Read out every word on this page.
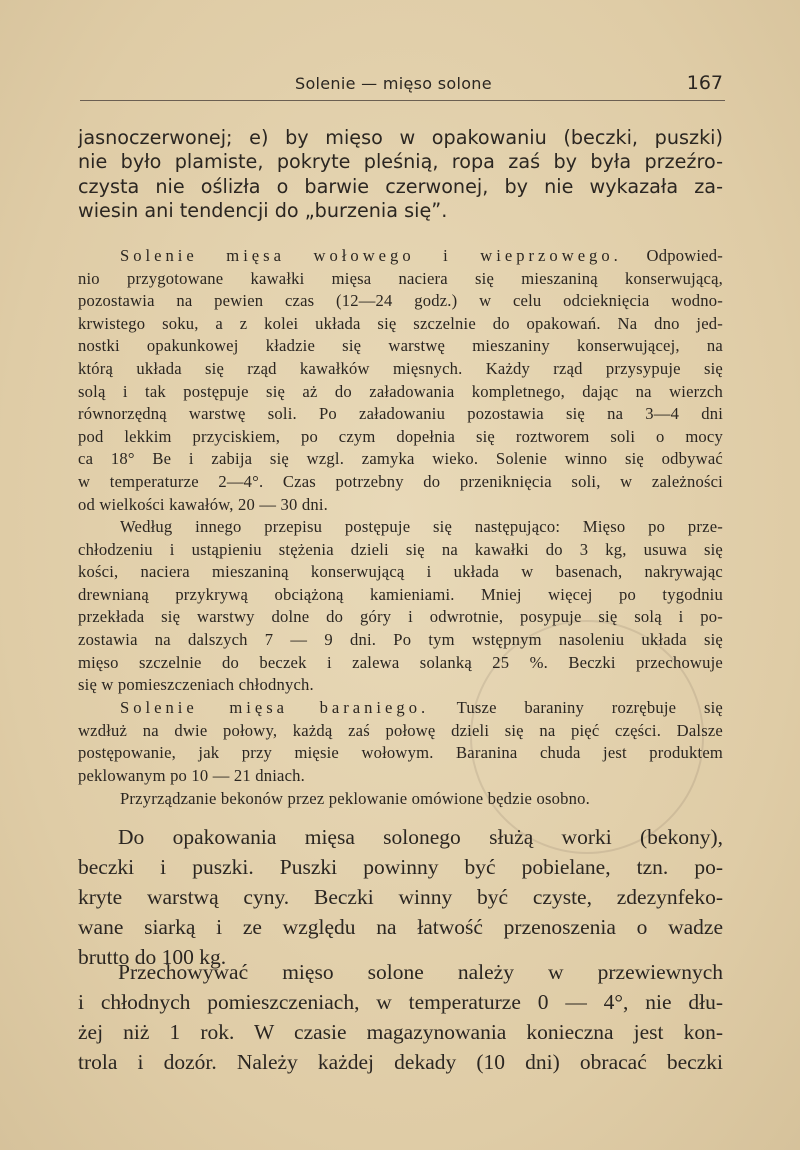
Solenie — mięso solone	167
jasnoczerwonej; e) by mięso w opakowaniu (beczki, puszki)
nie było plamiste, pokryte pleśnią, ropa zaś by była przeźro-
czysta nie oślizła o barwie czerwonej, by nie wykazała za-
wiesin ani tendencji do „burzenia się”.
Solenie mięsa wołowego i wieprzowego. Odpowied-
nio przygotowane kawałki mięsa naciera się mieszaniną konserwującą,
pozostawia na pewien czas (12—24 godz.) w celu odcieknięcia wodno-
krwistego soku, a z kolei układa się szczelnie do opakowań. Na dno jed-
nostki opakunkowej kładzie się warstwę mieszaniny konserwującej, na
którą układa się rząd kawałków mięsnych. Każdy rząd przysypuje się
solą i tak postępuje się aż do załadowania kompletnego, dając na wierzch
równorzędną warstwę soli. Po załadowaniu pozostawia się na 3—4 dni
pod lekkim przyciskiem, po czym dopełnia się roztworem soli o mocy
ca 18° Be i zabija się wzgl. zamyka wieko. Solenie winno się odbywać
w temperaturze 2—4°. Czas potrzebny do przeniknięcia soli, w zależności
od wielkości kawałów, 20 — 30 dni.
Według innego przepisu postępuje się następująco: Mięso po prze-
chłodzeniu i ustąpieniu stężenia dzieli się na kawałki do 3 kg, usuwa się
kości, naciera mieszaniną konserwującą i układa w basenach, nakrywając
drewnianą przykrywą obciążoną kamieniami. Mniej więcej po tygodniu
przekłada się warstwy dolne do góry i odwrotnie, posypuje się solą i po-
zostawia na dalszych 7 — 9 dni. Po tym wstępnym nasoleniu układa się
mięso szczelnie do beczek i zalewa solanką 25 %. Beczki przechowuje
się w pomieszczeniach chłodnych.
Solenie mięsa baraniego. Tusze baraniny rozrębuje się
wzdłuż na dwie połowy, każdą zaś połowę dzieli się na pięć części. Dalsze
postępowanie, jak przy mięsie wołowym. Baranina chuda jest produktem
peklowanym po 10 — 21 dniach.
Przyrządzanie bekonów przez peklowanie omówione będzie osobno.
Do opakowania mięsa solonego służą worki (bekony),
beczki i puszki. Puszki powinny być pobielane, tzn. po-
kryte warstwą cyny. Beczki winny być czyste, zdezynfeko-
wane siarką i ze względu na łatwość przenoszenia o wadze
brutto do 100 kg.
Przechowywać mięso solone należy w przewiewnych
i chłodnych pomieszczeniach, w temperaturze 0 — 4°, nie dłu-
żej niż 1 rok. W czasie magazynowania konieczna jest kon-
trola i dozór. Należy każdej dekady (10 dni) obracać beczki
